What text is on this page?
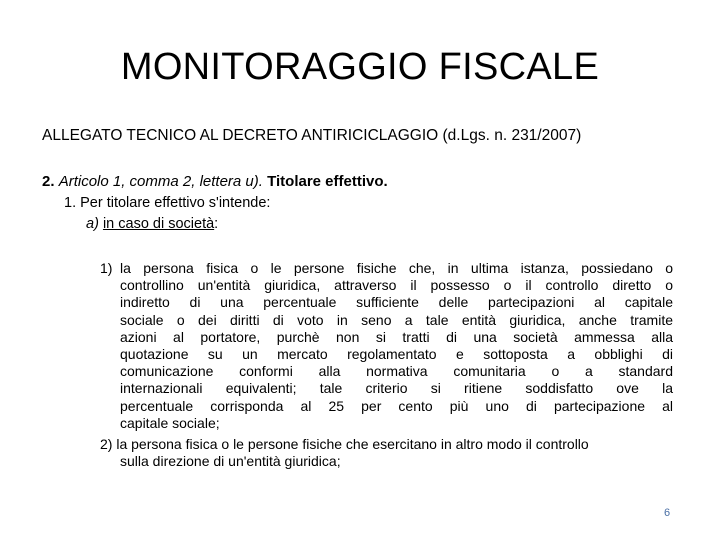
MONITORAGGIO FISCALE
ALLEGATO TECNICO AL DECRETO ANTIRICICLAGGIO (d.Lgs. n. 231/2007)
2. Articolo 1, comma 2, lettera u). Titolare effettivo.
1. Per titolare effettivo s'intende:
a) in caso di società:
1) la persona fisica o le persone fisiche che, in ultima istanza, possiedano o

controllino un'entità giuridica, attraverso il possesso o il controllo diretto o

indiretto di una percentuale sufficiente delle partecipazioni al capitale

sociale o dei diritti di voto in seno a tale entità giuridica, anche tramite

azioni al portatore, purchè non si tratti di una società ammessa alla

quotazione su un mercato regolamentato e sottoposta a obblighi di

comunicazione conformi alla normativa comunitaria o a standard

internazionali equivalenti; tale criterio si ritiene soddisfatto ove la

percentuale corrisponda al 25 per cento più uno di partecipazione al

capitale sociale;

2) la persona fisica o le persone fisiche che esercitano in altro modo il controllo
sulla direzione di un'entità giuridica;
6
